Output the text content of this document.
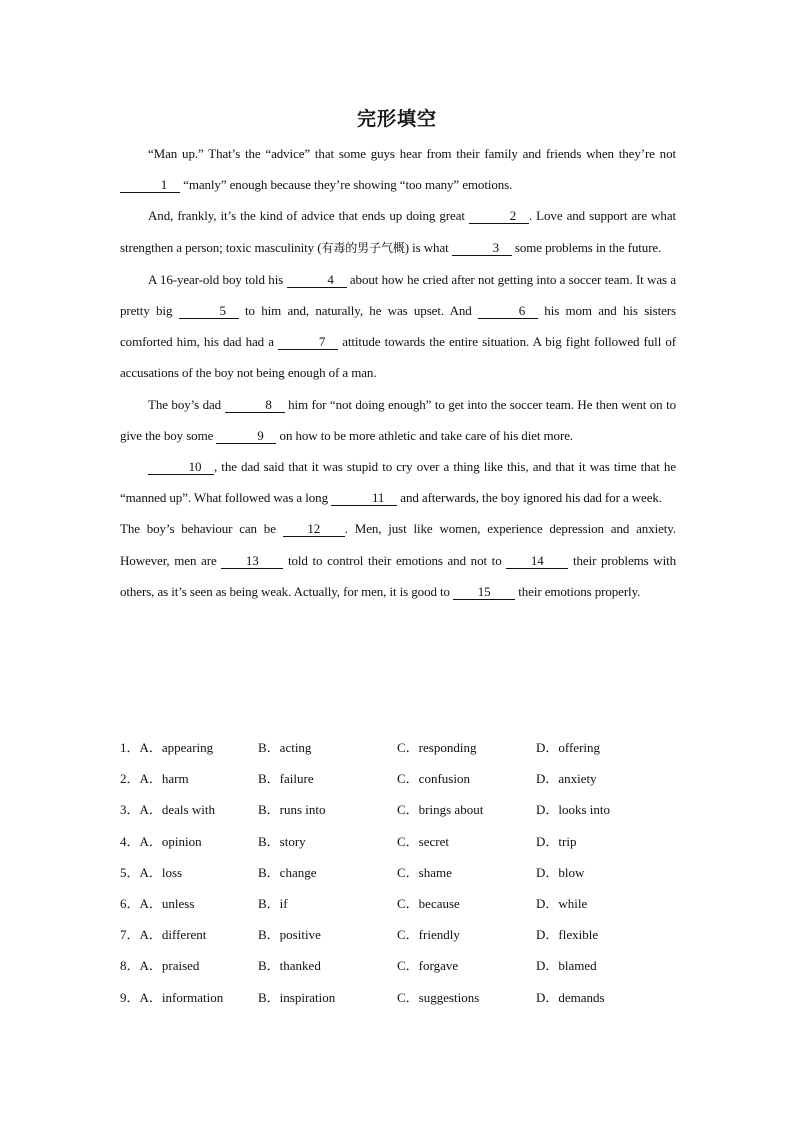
完形填空

“Man up.” That’s the “advice” that some guys hear from their family and friends when they’re not 1 “manly” enough because they’re showing “too many” emotions.

And, frankly, it’s the kind of advice that ends up doing great	2 . Love and support are what strengthen a person; toxic masculinity (有毒的男子气概) is what	3 some problems in the future.

A 16-year-old boy told his	4 about how he cried after not getting into a soccer team. It was a pretty big	5 to him and, naturally, he was upset. And	6 his mom and his sisters comforted him, his dad had a	7 attitude towards the entire situation. A big fight followed full of accusations of the boy not being enough of a man.

The boy’s dad	8 him for “not doing enough” to get into the soccer team. He then went on to give the boy some	9 on how to be more athletic and take care of his diet more.

10 , the dad said that it was stupid to cry over a thing like this, and that it was time that he “manned up”. What followed was a long	11 and afterwards, the boy ignored his dad for a week.

The boy’s behaviour can be 12 . Men, just like women, experience depression and anxiety. However, men are 13 told to control their emotions and not to 14 their problems with others, as it’s seen as being weak. Actually, for men, it is good to 15 their emotions properly.

1．A．appearing	B．acting	C．responding	D．offering
2．A．harm	B．failure	C．confusion	D．anxiety
3．A．deals with	B．runs into	C．brings about	D．looks into
4．A．opinion	B．story	C．secret	D．trip
5．A．loss	B．change	C．shame	D．blow
6．A．unless	B．if	C．because	D．while
7．A．different	B．positive	C．friendly	D．flexible
8．A．praised	B．thanked	C．forgave	D．blamed
9．A．information	B．inspiration	C．suggestions	D．demands
